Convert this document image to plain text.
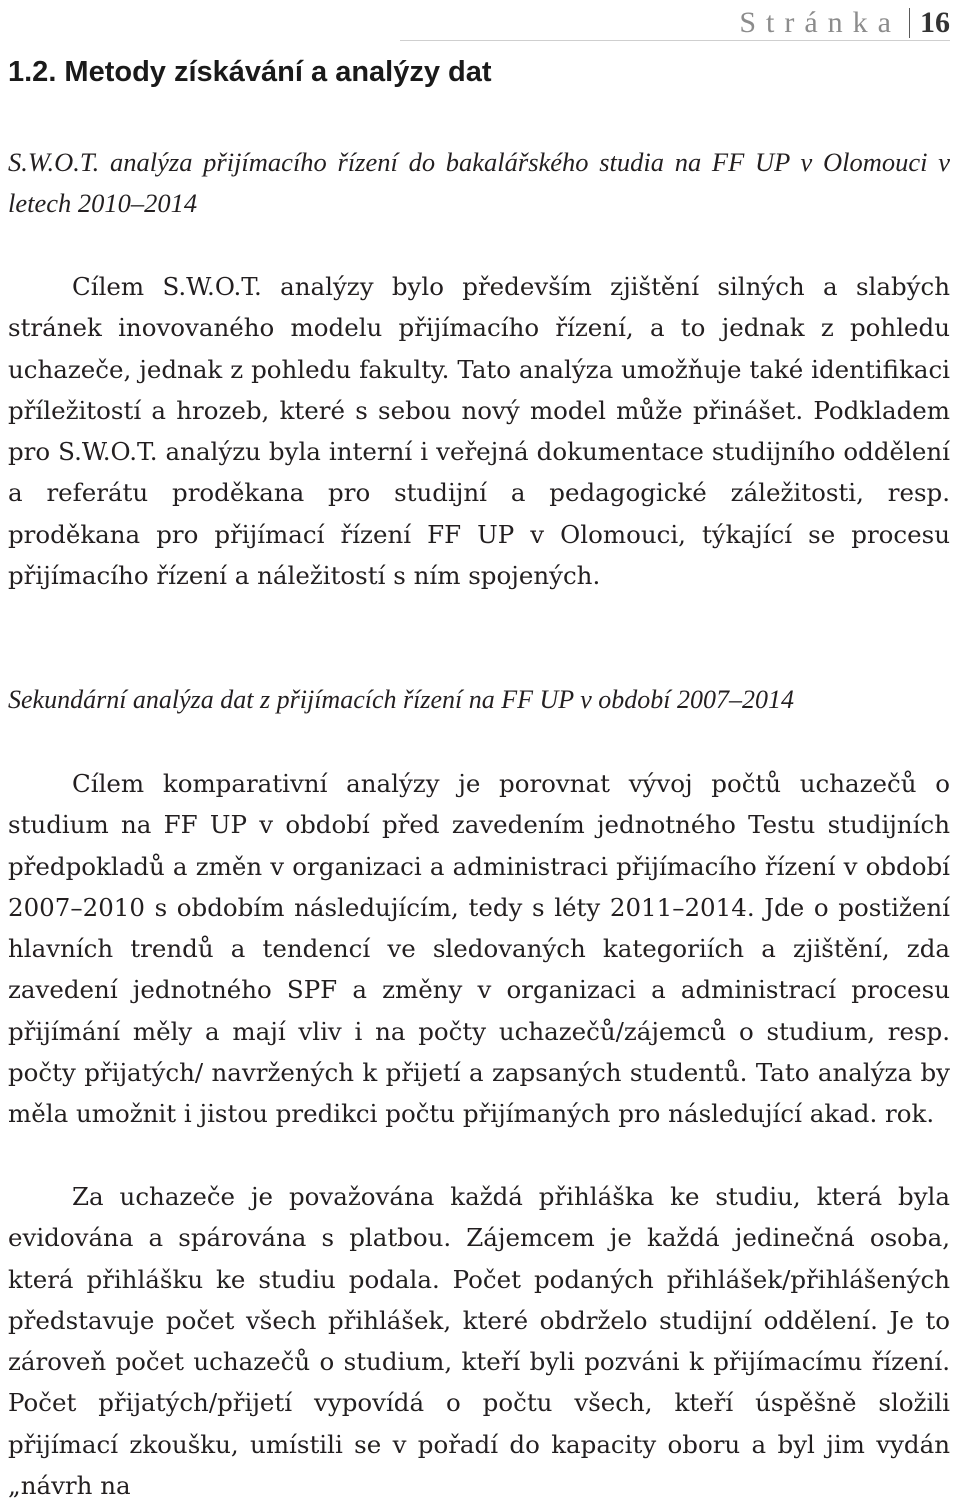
Stránka 16
1.2. Metody získávání a analýzy dat
S.W.O.T. analýza přijímacího řízení do bakalářského studia na FF UP v Olomouci v letech 2010–2014

Cílem S.W.O.T. analýzy bylo především zjištění silných a slabých stránek inovovaného modelu přijímacího řízení, a to jednak z pohledu uchazeče, jednak z pohledu fakulty. Tato analýza umožňuje také identifikaci příležitostí a hrozeb, které s sebou nový model může přinášet. Podkladem pro S.W.O.T. analýzu byla interní i veřejná dokumentace studijního oddělení a referátu proděkana pro studijní a pedagogické záležitosti, resp. proděkana pro přijímací řízení FF UP v Olomouci, týkající se procesu přijímacího řízení a náležitostí s ním spojených.

Sekundární analýza dat z přijímacích řízení na FF UP v období 2007–2014

Cílem komparativní analýzy je porovnat vývoj počtů uchazečů o studium na FF UP v období před zavedením jednotného Testu studijních předpokladů a změn v organizaci a administraci přijímacího řízení v období 2007–2010 s obdobím následujícím, tedy s léty 2011–2014. Jde o postižení hlavních trendů a tendencí ve sledovaných kategoriích a zjištění, zda zavedení jednotného SPF a změny v organizaci a administrací procesu přijímání měly a mají vliv i na počty uchazečů/zájemců o studium, resp. počty přijatých/ navržených k přijetí a zapsaných studentů. Tato analýza by měla umožnit i jistou predikci počtu přijímaných pro následující akad. rok.

Za uchazeče je považována každá přihláška ke studiu, která byla evidována a spárována s platbou. Zájemcem je každá jedinečná osoba, která přihlášku ke studiu podala. Počet podaných přihlášek/přihlášených představuje počet všech přihlášek, které obdrželo studijní oddělení. Je to zároveň počet uchazečů o studium, kteří byli pozváni k přijímacímu řízení. Počet přijatých/přijetí vypovídá o počtu všech, kteří úspěšně složili přijímací zkoušku, umístili se v pořadí do kapacity oboru a byl jim vydán „návrh na
